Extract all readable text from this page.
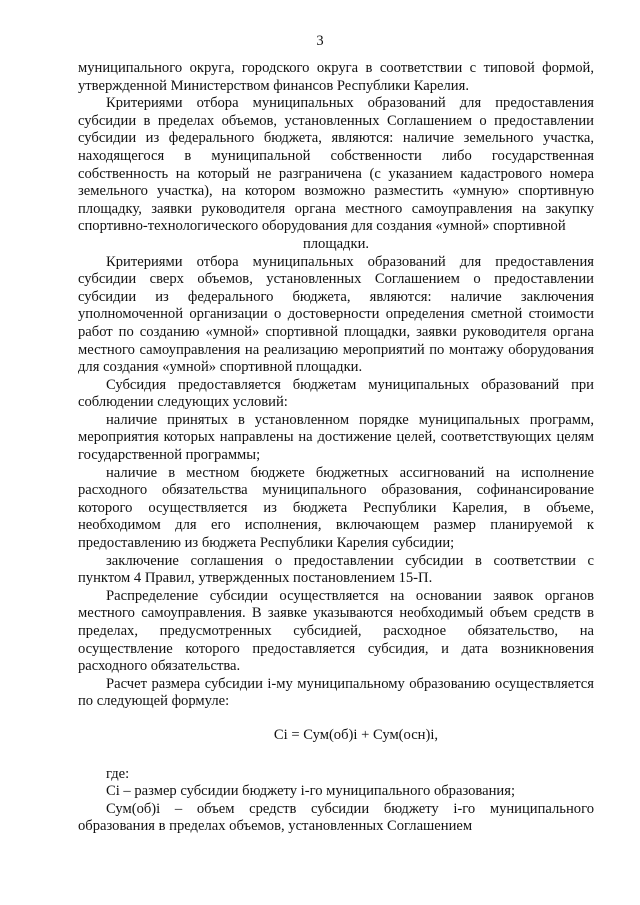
3

муниципального округа, городского округа в соответствии с типовой формой, утвержденной Министерством финансов Республики Карелия.

Критериями отбора муниципальных образований для предоставления субсидии в пределах объемов, установленных Соглашением о предоставлении субсидии из федерального бюджета, являются: наличие земельного участка, находящегося в муниципальной собственности либо государственная собственность на который не разграничена (с указанием кадастрового номера земельного участка), на котором возможно разместить «умную» спортивную площадку, заявки руководителя органа местного самоуправления на закупку спортивно-технологического оборудования для создания «умной» спортивной

площадки.

Критериями отбора муниципальных образований для предоставления субсидии сверх объемов, установленных Соглашением о предоставлении субсидии из федерального бюджета, являются: наличие заключения уполномоченной организации о достоверности определения сметной стоимости работ по созданию «умной» спортивной площадки, заявки руководителя органа местного самоуправления на реализацию мероприятий по монтажу оборудования для создания «умной» спортивной площадки.

Субсидия предоставляется бюджетам муниципальных образований при соблюдении следующих условий:

наличие принятых в установленном порядке муниципальных программ, мероприятия которых направлены на достижение целей, соответствующих целям государственной программы;

наличие в местном бюджете бюджетных ассигнований на исполнение расходного обязательства муниципального образования, софинансирование которого осуществляется из бюджета Республики Карелия, в объеме, необходимом для его исполнения, включающем размер планируемой к предоставлению из бюджета Республики Карелия субсидии;

заключение соглашения о предоставлении субсидии в соответствии с пунктом 4 Правил, утвержденных постановлением 15-П.

Распределение субсидии осуществляется на основании заявок органов местного самоуправления. В заявке указываются необходимый объем средств в пределах, предусмотренных субсидией, расходное обязательство, на осуществление которого предоставляется субсидия, и дата возникновения расходного обязательства.

Расчет размера субсидии i-му муниципальному образованию осуществляется по следующей формуле:

Ci = Сум(об)i + Сум(осн)i,

где:

Ci – размер субсидии бюджету i-го муниципального образования;

Сум(об)i – объем средств субсидии бюджету i-го муниципального образования в пределах объемов, установленных Соглашением
